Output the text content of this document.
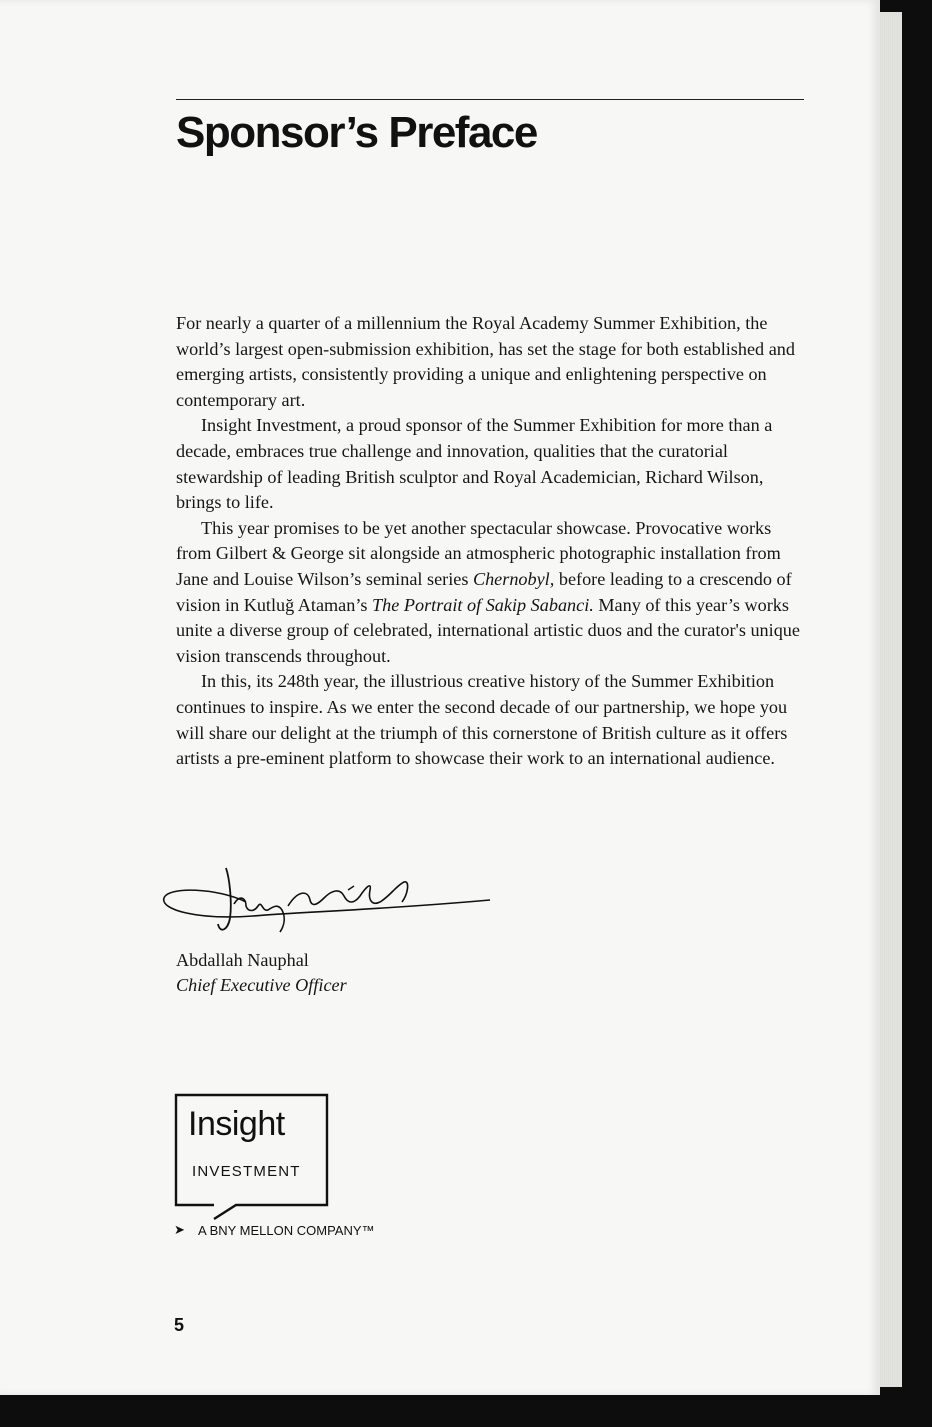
Sponsor’s Preface

For nearly a quarter of a millennium the Royal Academy Summer Exhibition, the world’s largest open-submission exhibition, has set the stage for both established and emerging artists, consistently providing a unique and enlightening perspective on contemporary art.

Insight Investment, a proud sponsor of the Summer Exhibition for more than a decade, embraces true challenge and innovation, qualities that the curatorial stewardship of leading British sculptor and Royal Academician, Richard Wilson, brings to life.

This year promises to be yet another spectacular showcase. Provocative works from Gilbert & George sit alongside an atmospheric photographic installation from Jane and Louise Wilson’s seminal series Chernobyl, before leading to a crescendo of vision in Kutluğ Ataman’s The Portrait of Sakip Sabanci. Many of this year’s works unite a diverse group of celebrated, international artistic duos and the curator's unique vision transcends throughout.

In this, its 248th year, the illustrious creative history of the Summer Exhibition continues to inspire. As we enter the second decade of our partnership, we hope you will share our delight at the triumph of this cornerstone of British culture as it offers artists a pre-eminent platform to showcase their work to an international audience.

Abdallah Nauphal
Chief Executive Officer
Insight
INVESTMENT
➤ A BNY MELLON COMPANY™
5
